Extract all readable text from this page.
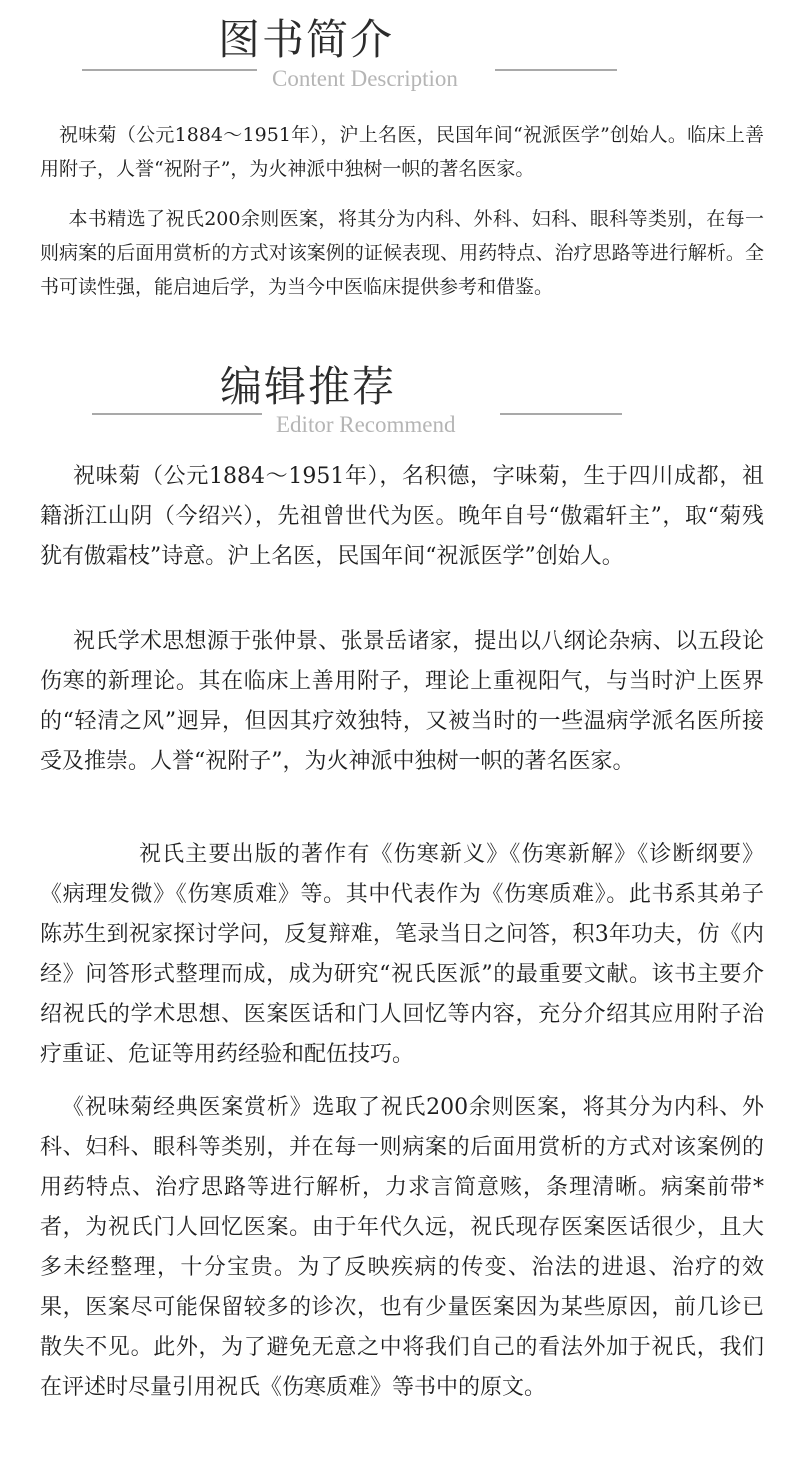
图书简介
Content Description

祝味菊（公元1884～1951年），沪上名医，民国年间“祝派医学”创始人。临床上善用附子，人誉“祝附子”，为火神派中独树一帜的著名医家。

本书精选了祝氏200余则医案，将其分为内科、外科、妇科、眼科等类别，在每一则病案的后面用赏析的方式对该案例的证候表现、用药特点、治疗思路等进行解析。全书可读性强，能启迪后学，为当今中医临床提供参考和借鉴。

编辑推荐
Editor Recommend

祝味菊（公元1884～1951年），名积德，字味菊，生于四川成都，祖籍浙江山阴（今绍兴），先祖曾世代为医。晚年自号“傲霜轩主”，取“菊残犹有傲霜枝”诗意。沪上名医，民国年间“祝派医学”创始人。

祝氏学术思想源于张仲景、张景岳诸家，提出以八纲论杂病、以五段论伤寒的新理论。其在临床上善用附子，理论上重视阳气，与当时沪上医界的“轻清之风”迥异，但因其疗效独特，又被当时的一些温病学派名医所接受及推崇。人誉“祝附子”，为火神派中独树一帜的著名医家。

祝氏主要出版的著作有《伤寒新义》《伤寒新解》《诊断纲要》《病理发微》《伤寒质难》等。其中代表作为《伤寒质难》。此书系其弟子陈苏生到祝家探讨学问，反复辩难，笔录当日之问答，积3年功夫，仿《内经》问答形式整理而成，成为研究“祝氏医派”的最重要文献。该书主要介绍祝氏的学术思想、医案医话和门人回忆等内容，充分介绍其应用附子治疗重证、危证等用药经验和配伍技巧。

《祝味菊经典医案赏析》选取了祝氏200余则医案，将其分为内科、外科、妇科、眼科等类别，并在每一则病案的后面用赏析的方式对该案例的用药特点、治疗思路等进行解析，力求言简意赅，条理清晰。病案前带*者，为祝氏门人回忆医案。由于年代久远，祝氏现存医案医话很少，且大多未经整理，十分宝贵。为了反映疾病的传变、治法的进退、治疗的效果，医案尽可能保留较多的诊次，也有少量医案因为某些原因，前几诊已散失不见。此外，为了避免无意之中将我们自己的看法外加于祝氏，我们在评述时尽量引用祝氏《伤寒质难》等书中的原文。
